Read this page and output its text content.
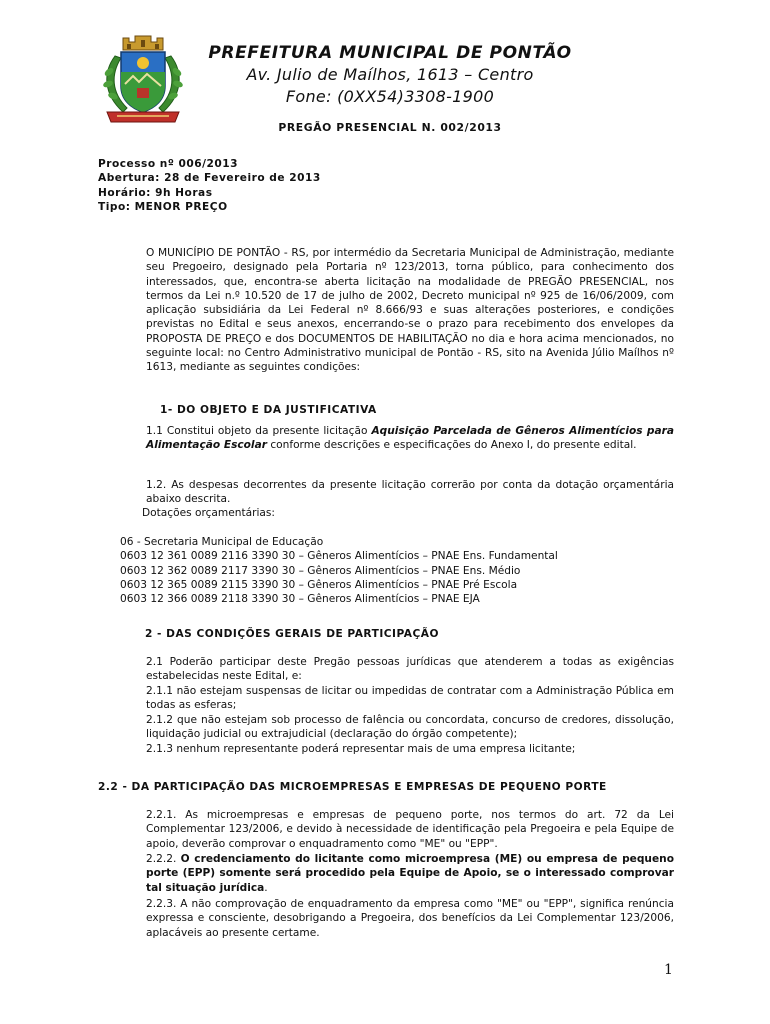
PREFEITURA MUNICIPAL DE PONTÃO
Av. Julio de Maílhos, 1613 – Centro
Fone: (0XX54)3308-1900
PREGÃO PRESENCIAL N. 002/2013
Processo nº 006/2013
Abertura: 28 de Fevereiro de 2013
Horário: 9h Horas
Tipo: MENOR PREÇO
O MUNICÍPIO DE PONTÃO - RS, por intermédio da Secretaria Municipal de Administração, mediante seu Pregoeiro, designado pela Portaria nº 123/2013, torna público, para conhecimento dos interessados, que, encontra-se aberta licitação na modalidade de PREGÃO PRESENCIAL, nos termos da Lei n.º 10.520 de 17 de julho de 2002, Decreto municipal nº 925 de 16/06/2009, com aplicação subsidiária da Lei Federal nº 8.666/93 e suas alterações posteriores, e condições previstas no Edital e seus anexos, encerrando-se o prazo para recebimento dos envelopes da PROPOSTA DE PREÇO e dos DOCUMENTOS DE HABILITAÇÃO no dia e hora acima mencionados, no seguinte local: no Centro Administrativo municipal de Pontão - RS, sito na Avenida Júlio Maílhos nº 1613, mediante as seguintes condições:
1- DO OBJETO E DA JUSTIFICATIVA
1.1 Constitui objeto da presente licitação Aquisição Parcelada de Gêneros Alimentícios para Alimentação Escolar conforme descrições e especificações do Anexo I, do presente edital.
1.2. As despesas decorrentes da presente licitação correrão por conta da dotação orçamentária abaixo descrita.
Dotações orçamentárias:
06 - Secretaria Municipal de Educação
0603 12 361 0089 2116 3390 30 – Gêneros Alimentícios – PNAE Ens. Fundamental
0603 12 362 0089 2117 3390 30 – Gêneros Alimentícios – PNAE Ens. Médio
0603 12 365 0089 2115 3390 30 – Gêneros Alimentícios – PNAE Pré Escola
0603 12 366 0089 2118 3390 30 – Gêneros Alimentícios – PNAE EJA
2 - DAS CONDIÇÕES GERAIS DE PARTICIPAÇÃO
2.1 Poderão participar deste Pregão pessoas jurídicas que atenderem a todas as exigências estabelecidas neste Edital, e:
2.1.1 não estejam suspensas de licitar ou impedidas de contratar com a Administração Pública em todas as esferas;
2.1.2 que não estejam sob processo de falência ou concordata, concurso de credores, dissolução, liquidação judicial ou extrajudicial (declaração do órgão competente);
2.1.3 nenhum representante poderá representar mais de uma empresa licitante;
2.2 - DA PARTICIPAÇÃO DAS MICROEMPRESAS E EMPRESAS DE PEQUENO PORTE
2.2.1. As microempresas e empresas de pequeno porte, nos termos do art. 72 da Lei Complementar 123/2006, e devido à necessidade de identificação pela Pregoeira e pela Equipe de apoio, deverão comprovar o enquadramento como "ME" ou "EPP".
2.2.2. O credenciamento do licitante como microempresa (ME) ou empresa de pequeno porte (EPP) somente será procedido pela Equipe de Apoio, se o interessado comprovar tal situação jurídica.
2.2.3. A não comprovação de enquadramento da empresa como "ME" ou "EPP", significa renúncia expressa e consciente, desobrigando a Pregoeira, dos benefícios da Lei Complementar 123/2006, aplacáveis ao presente certame.
1
